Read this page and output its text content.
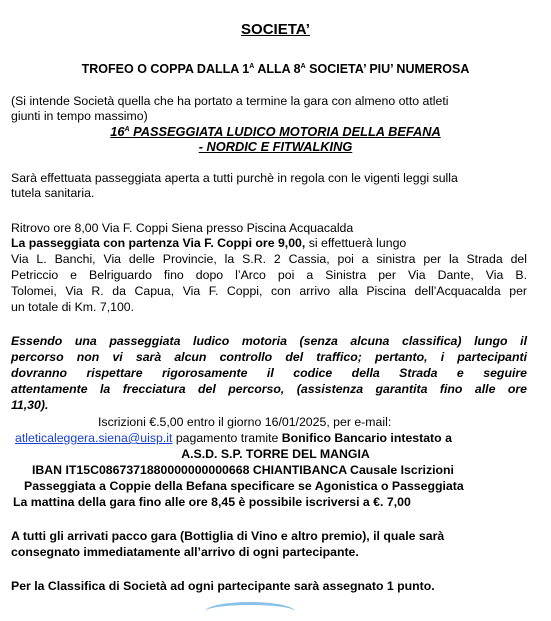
SOCIETA’
TROFEO O COPPA DALLA $1^A$ ALLA $8^A$ SOCIETA’ PIU’ NUMEROSA
(Si intende Società quella che ha portato a termine la gara con almeno otto atleti
giunti in tempo massimo)
$16^A$ PASSEGGIATA LUDICO MOTORIA DELLA BEFANA
- NORDIC E FITWALKING
Sarà effettuata passeggiata aperta a tutti purchè in regola con le vigenti leggi sulla
tutela sanitaria.
Ritrovo ore 8,00 Via F. Coppi Siena presso Piscina Acquacalda
La passeggiata con partenza Via F. Coppi ore 9,00, si effettuerà lungo
Via L. Banchi, Via delle Provincie, la S.R. 2 Cassia, poi a sinistra per la Strada del
Petriccio e Belriguardo fino dopo l’Arco poi a Sinistra per Via Dante, Via B.
Tolomei, Via R. da Capua, Via F. Coppi, con arrivo alla Piscina dell’Acquacalda per
un totale di Km. 7,100.
Essendo una passeggiata ludico motoria (senza alcuna classifica) lungo il
percorso non vi sarà alcun controllo del traffico; pertanto, i partecipanti
dovranno rispettare rigorosamente il codice della Strada e seguire
attentamente la frecciatura del percorso, (assistenza garantita fino alle ore
11,30).
Iscrizioni €.5,00 entro il giorno 16/01/2025, per e-mail:
atleticaleggera.siena@uisp.it pagamento tramite Bonifico Bancario intestato a
A.S.D. S.P. TORRE DEL MANGIA
IBAN IT15C0867371880000000000668 CHIANTIBANCA Causale Iscrizioni
Passeggiata a Coppie della Befana specificare se Agonistica o Passeggiata
La mattina della gara fino alle ore 8,45 è possibile iscriversi a €. 7,00
A tutti gli arrivati pacco gara (Bottiglia di Vino e altro premio), il quale sarà
consegnato immediatamente all’arrivo di ogni partecipante.
Per la Classifica di Società ad ogni partecipante sarà assegnato 1 punto.
